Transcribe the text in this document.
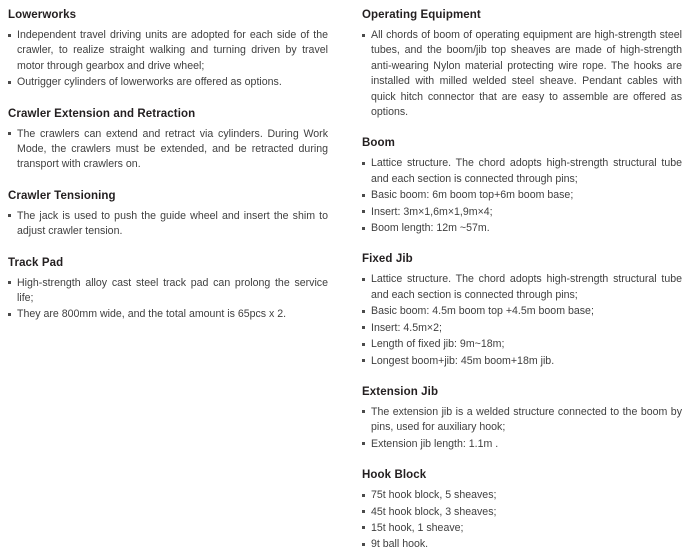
Lowerworks
Independent travel driving units are adopted for each side of the crawler, to realize straight walking and turning driven by travel motor through gearbox and drive wheel;
Outrigger cylinders of lowerworks are offered as options.
Crawler Extension and Retraction
The crawlers can extend and retract via cylinders. During Work Mode, the crawlers must be extended, and be retracted during transport with crawlers on.
Crawler Tensioning
The jack is used to push the guide wheel and insert the shim to adjust crawler tension.
Track Pad
High-strength alloy cast steel track pad can prolong the service life;
They are 800mm wide, and the total amount is 65pcs x 2.
Operating Equipment
All chords of boom of operating equipment are high-strength steel tubes, and the boom/jib top sheaves are made of high-strength anti-wearing Nylon material protecting wire rope. The hooks are installed with milled welded steel sheave. Pendant cables with quick hitch connector that are easy to assemble are offered as options.
Boom
Lattice structure. The chord adopts high-strength structural tube and each section is connected through pins;
Basic boom: 6m boom top+6m boom base;
Insert: 3m×1,6m×1,9m×4;
Boom length: 12m ~57m.
Fixed Jib
Lattice structure. The chord adopts high-strength structural tube and each section is connected through pins;
Basic boom: 4.5m boom top +4.5m boom base;
Insert: 4.5m×2;
Length of fixed jib: 9m~18m;
Longest boom+jib: 45m boom+18m jib.
Extension Jib
The extension jib is a welded structure connected to the boom by pins, used for auxiliary hook;
Extension jib length: 1.1m .
Hook Block
75t hook block, 5 sheaves;
45t hook block, 3 sheaves;
15t hook, 1 sheave;
9t ball hook.
